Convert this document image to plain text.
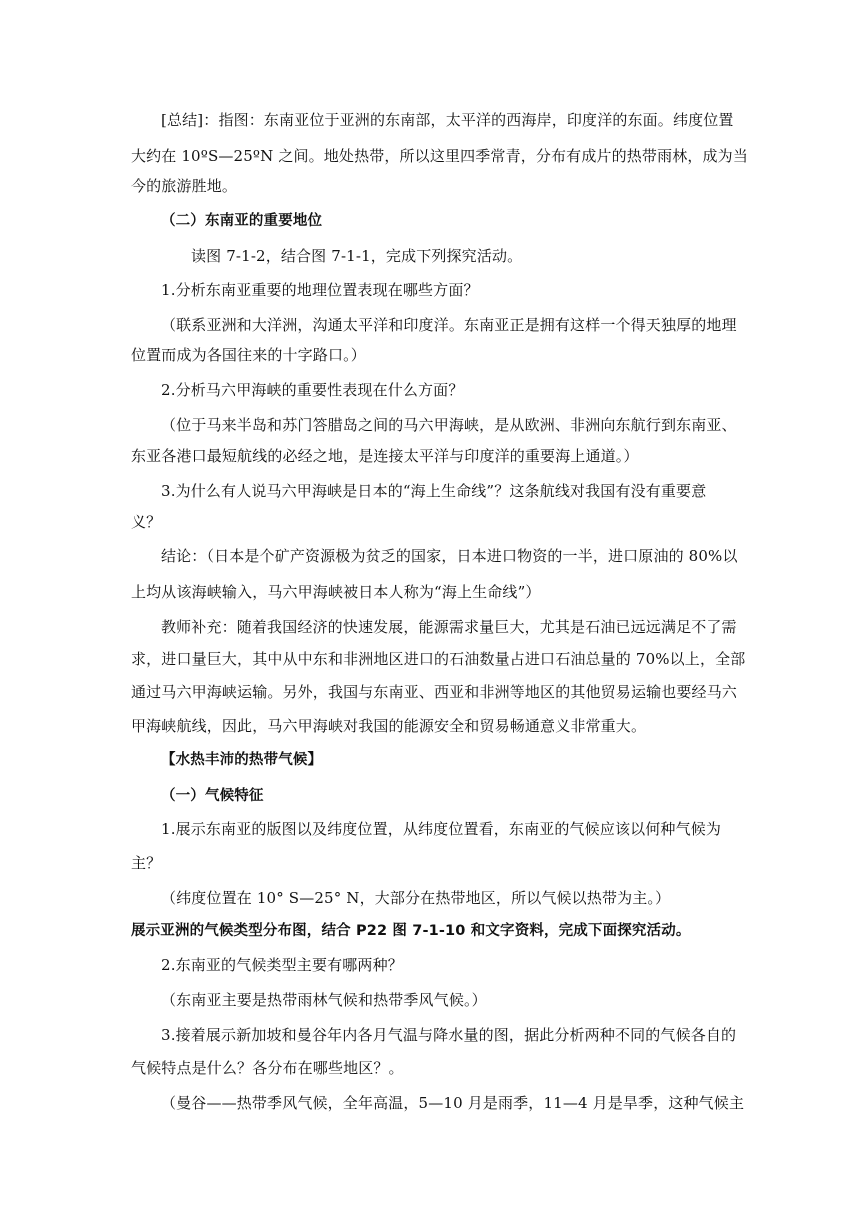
[总结]：指图：东南亚位于亚洲的东南部，太平洋的西海岸，印度洋的东面。纬度位置
大约在 10ºS—25ºN 之间。地处热带，所以这里四季常青，分布有成片的热带雨林，成为当
今的旅游胜地。
（二）东南亚的重要地位
读图 7-1-2，结合图 7-1-1，完成下列探究活动。
1.分析东南亚重要的地理位置表现在哪些方面？
（联系亚洲和大洋洲，沟通太平洋和印度洋。东南亚正是拥有这样一个得天独厚的地理
位置而成为各国往来的十字路口。）
2.分析马六甲海峡的重要性表现在什么方面？
（位于马来半岛和苏门答腊岛之间的马六甲海峡，是从欧洲、非洲向东航行到东南亚、
东亚各港口最短航线的必经之地，是连接太平洋与印度洋的重要海上通道。）
3.为什么有人说马六甲海峡是日本的“海上生命线”？这条航线对我国有没有重要意
义？
结论：（日本是个矿产资源极为贫乏的国家，日本进口物资的一半，进口原油的 80%以
上均从该海峡输入，马六甲海峡被日本人称为“海上生命线”）
教师补充：随着我国经济的快速发展，能源需求量巨大，尤其是石油已远远满足不了需
求，进口量巨大，其中从中东和非洲地区进口的石油数量占进口石油总量的 70%以上，全部
通过马六甲海峡运输。另外，我国与东南亚、西亚和非洲等地区的其他贸易运输也要经马六
甲海峡航线，因此，马六甲海峡对我国的能源安全和贸易畅通意义非常重大。
【水热丰沛的热带气候】
（一）气候特征
1.展示东南亚的版图以及纬度位置，从纬度位置看，东南亚的气候应该以何种气候为
主？
（纬度位置在 10° S—25° N，大部分在热带地区，所以气候以热带为主。）
展示亚洲的气候类型分布图，结合 P22 图 7-1-10 和文字资料，完成下面探究活动。
2.东南亚的气候类型主要有哪两种？
（东南亚主要是热带雨林气候和热带季风气候。）
3.接着展示新加坡和曼谷年内各月气温与降水量的图，据此分析两种不同的气候各自的
气候特点是什么？各分布在哪些地区？。
（曼谷——热带季风气候，全年高温，5—10 月是雨季，11—4 月是旱季，这种气候主
